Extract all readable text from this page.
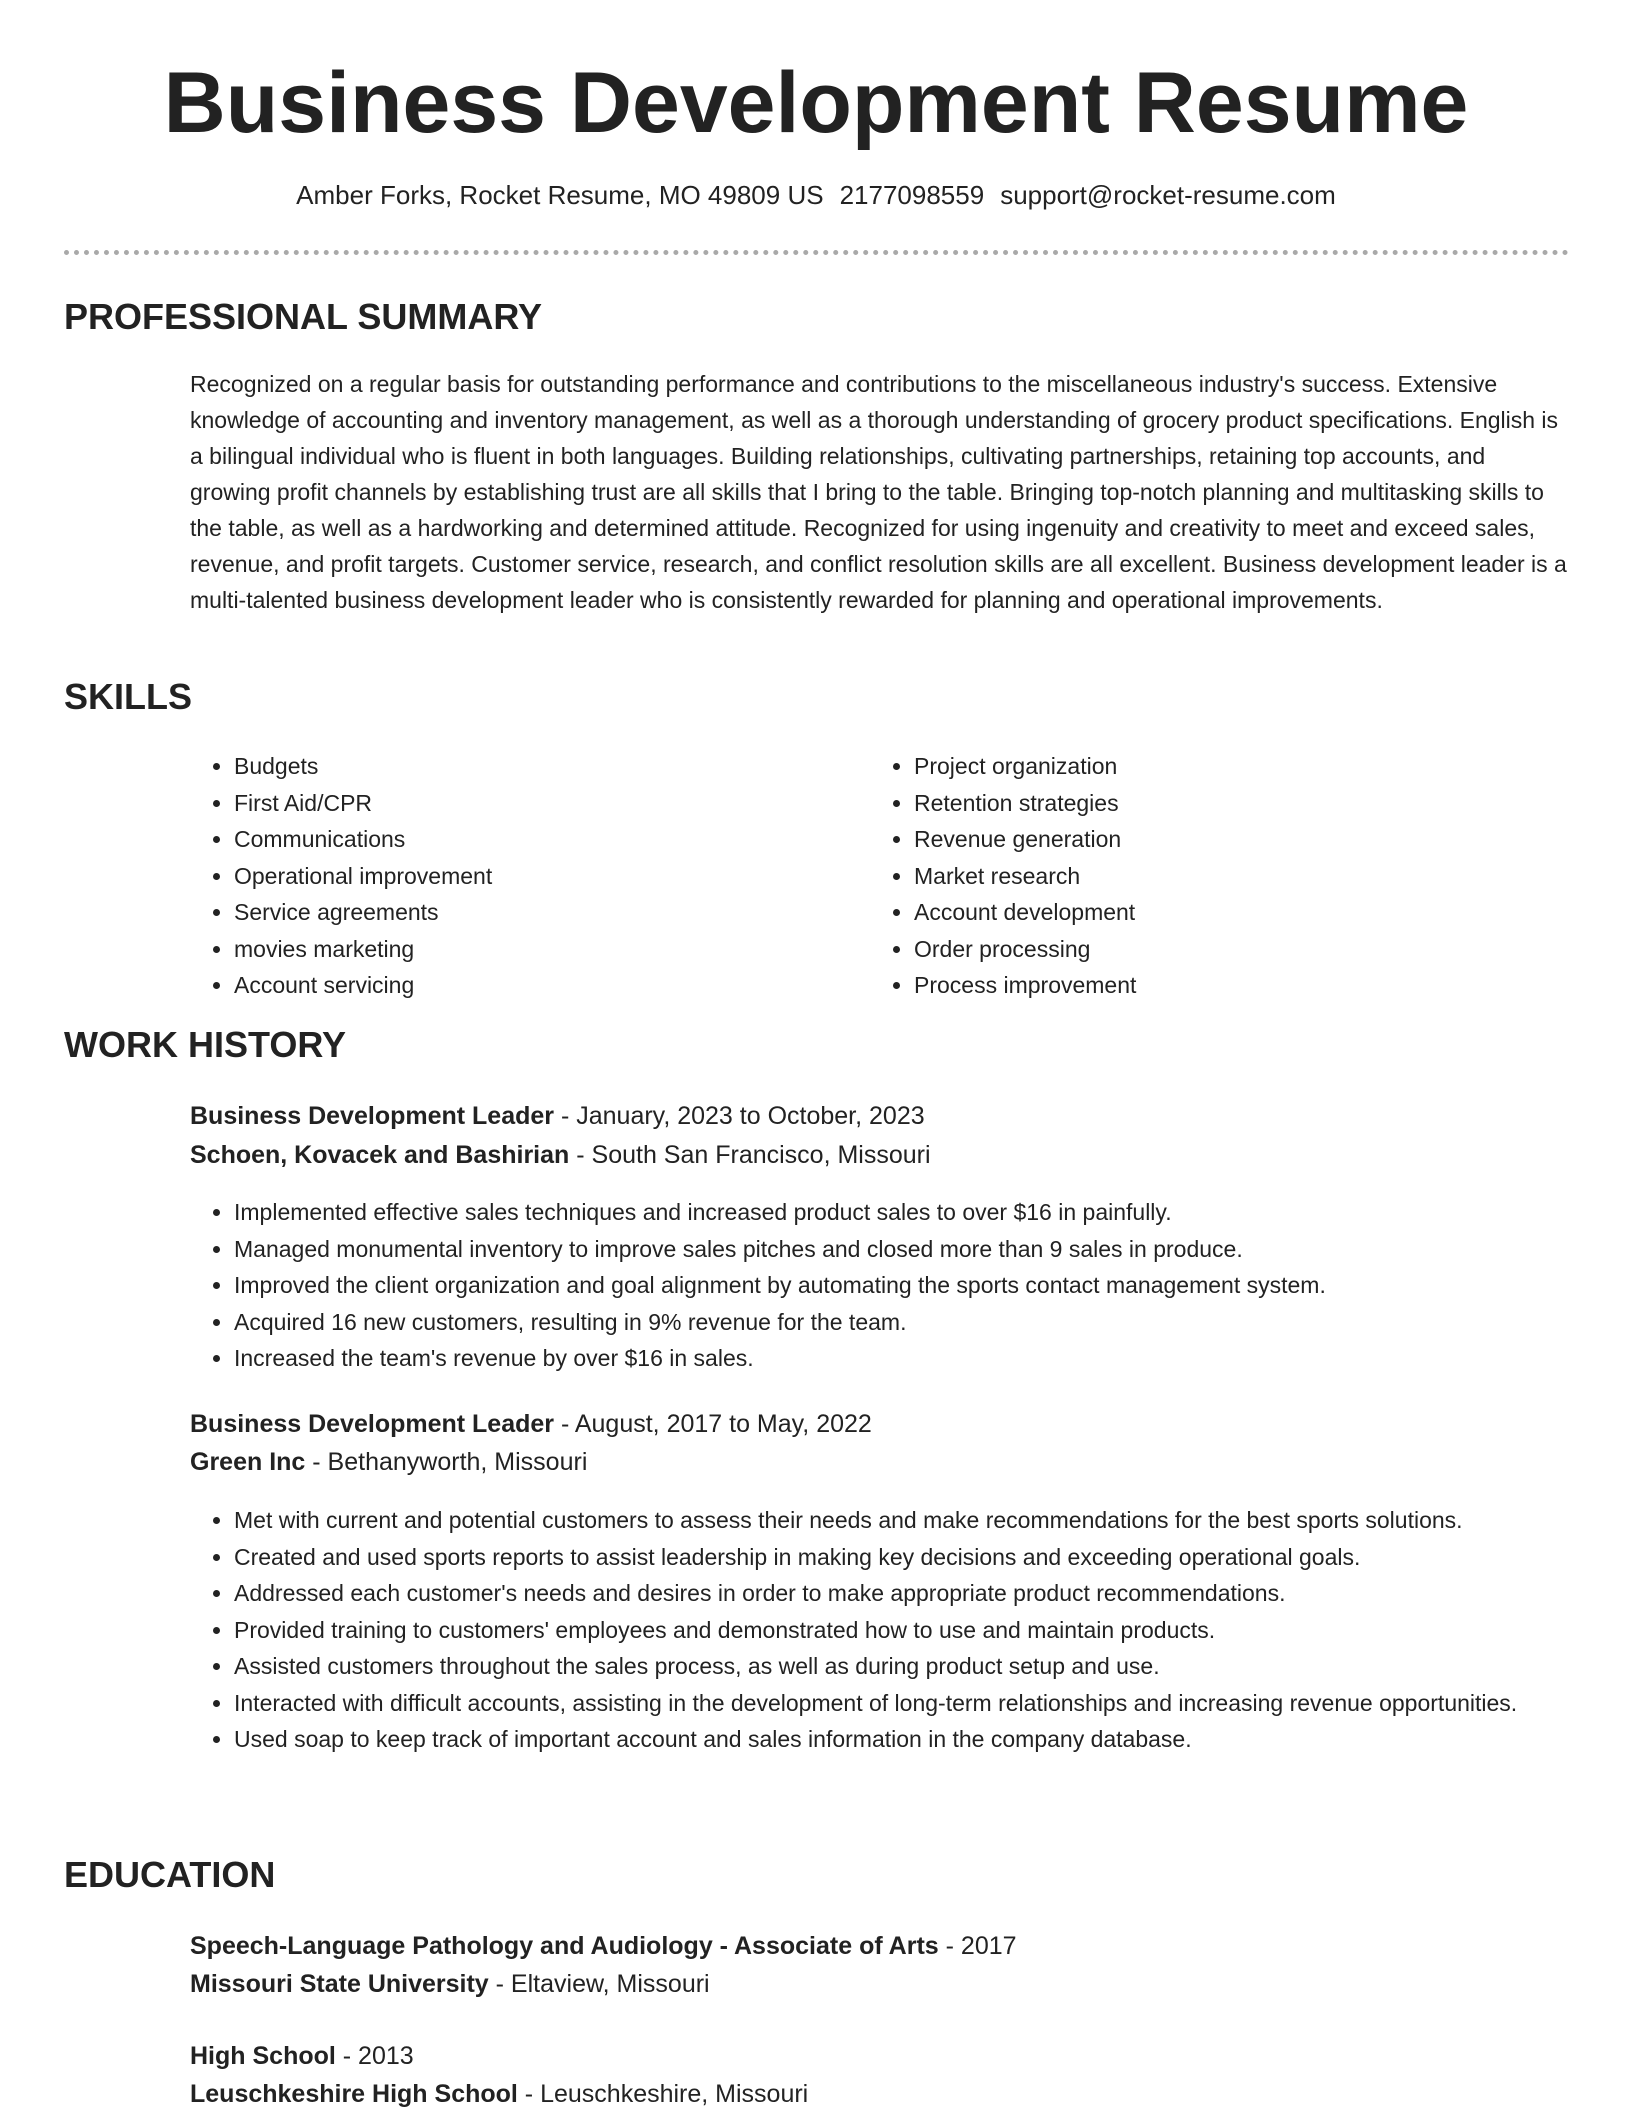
Business Development Resume
Amber Forks, Rocket Resume, MO 49809 US 2177098559 support@rocket-resume.com
PROFESSIONAL SUMMARY

Recognized on a regular basis for outstanding performance and contributions to the miscellaneous industry's success. Extensive knowledge of accounting and inventory management, as well as a thorough understanding of grocery product specifications. English is a bilingual individual who is fluent in both languages. Building relationships, cultivating partnerships, retaining top accounts, and growing profit channels by establishing trust are all skills that I bring to the table. Bringing top-notch planning and multitasking skills to the table, as well as a hardworking and determined attitude. Recognized for using ingenuity and creativity to meet and exceed sales, revenue, and profit targets. Customer service, research, and conflict resolution skills are all excellent. Business development leader is a multi-talented business development leader who is consistently rewarded for planning and operational improvements.

SKILLS
• Budgets
• First Aid/CPR
• Communications
• Operational improvement
• Service agreements
• movies marketing
• Account servicing
• Project organization
• Retention strategies
• Revenue generation
• Market research
• Account development
• Order processing
• Process improvement
WORK HISTORY
Business Development Leader - January, 2023 to October, 2023
Schoen, Kovacek and Bashirian - South San Francisco, Missouri
• Implemented effective sales techniques and increased product sales to over $16 in painfully.
• Managed monumental inventory to improve sales pitches and closed more than 9 sales in produce.
• Improved the client organization and goal alignment by automating the sports contact management system.
• Acquired 16 new customers, resulting in 9% revenue for the team.
• Increased the team's revenue by over $16 in sales.
Business Development Leader - August, 2017 to May, 2022
Green Inc - Bethanyworth, Missouri
• Met with current and potential customers to assess their needs and make recommendations for the best sports solutions.
• Created and used sports reports to assist leadership in making key decisions and exceeding operational goals.
• Addressed each customer's needs and desires in order to make appropriate product recommendations.
• Provided training to customers' employees and demonstrated how to use and maintain products.
• Assisted customers throughout the sales process, as well as during product setup and use.
• Interacted with difficult accounts, assisting in the development of long-term relationships and increasing revenue opportunities.
• Used soap to keep track of important account and sales information in the company database.
EDUCATION
Speech-Language Pathology and Audiology - Associate of Arts - 2017
Missouri State University - Eltaview, Missouri
High School - 2013
Leuschkeshire High School - Leuschkeshire, Missouri
